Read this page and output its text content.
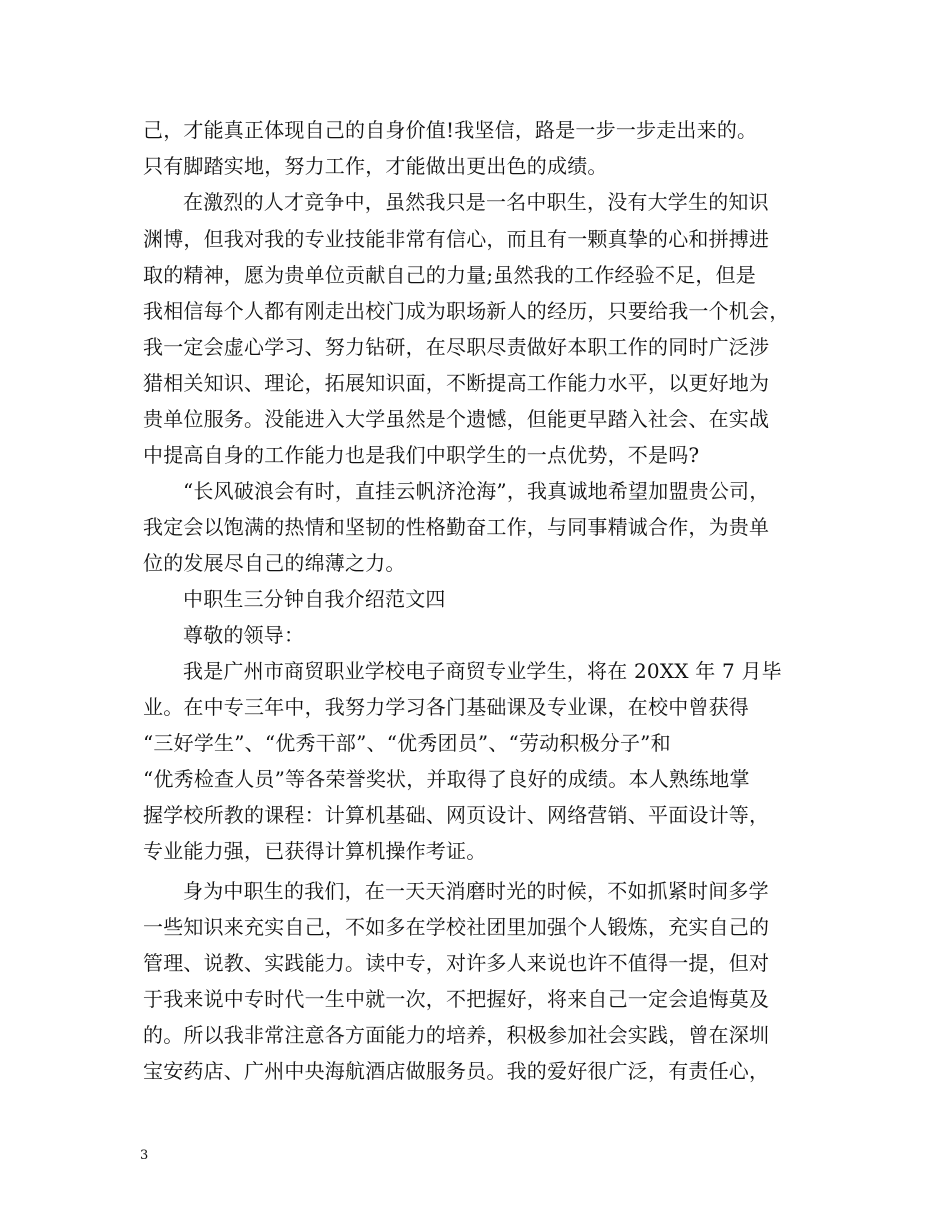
己，才能真正体现自己的自身价值!我坚信，路是一步一步走出来的。
只有脚踏实地，努力工作，才能做出更出色的成绩。
在激烈的人才竞争中，虽然我只是一名中职生，没有大学生的知识
渊博，但我对我的专业技能非常有信心，而且有一颗真挚的心和拼搏进
取的精神，愿为贵单位贡献自己的力量;虽然我的工作经验不足，但是
我相信每个人都有刚走出校门成为职场新人的经历，只要给我一个机会，
我一定会虚心学习、努力钻研，在尽职尽责做好本职工作的同时广泛涉
猎相关知识、理论，拓展知识面，不断提高工作能力水平，以更好地为
贵单位服务。没能进入大学虽然是个遗憾，但能更早踏入社会、在实战
中提高自身的工作能力也是我们中职学生的一点优势，不是吗?
“长风破浪会有时，直挂云帆济沧海”，我真诚地希望加盟贵公司，
我定会以饱满的热情和坚韧的性格勤奋工作，与同事精诚合作，为贵单
位的发展尽自己的绵薄之力。
中职生三分钟自我介绍范文四
尊敬的领导：
我是广州市商贸职业学校电子商贸专业学生，将在 20XX 年 7 月毕
业。在中专三年中，我努力学习各门基础课及专业课，在校中曾获得
“三好学生”、“优秀干部”、“优秀团员”、“劳动积极分子”和
“优秀检查人员”等各荣誉奖状，并取得了良好的成绩。本人熟练地掌
握学校所教的课程：计算机基础、网页设计、网络营销、平面设计等，
专业能力强，已获得计算机操作考证。
身为中职生的我们，在一天天消磨时光的时候，不如抓紧时间多学
一些知识来充实自己，不如多在学校社团里加强个人锻炼，充实自己的
管理、说教、实践能力。读中专，对许多人来说也许不值得一提，但对
于我来说中专时代一生中就一次，不把握好，将来自己一定会追悔莫及
的。所以我非常注意各方面能力的培养，积极参加社会实践，曾在深圳
宝安药店、广州中央海航酒店做服务员。我的爱好很广泛，有责任心，
3
